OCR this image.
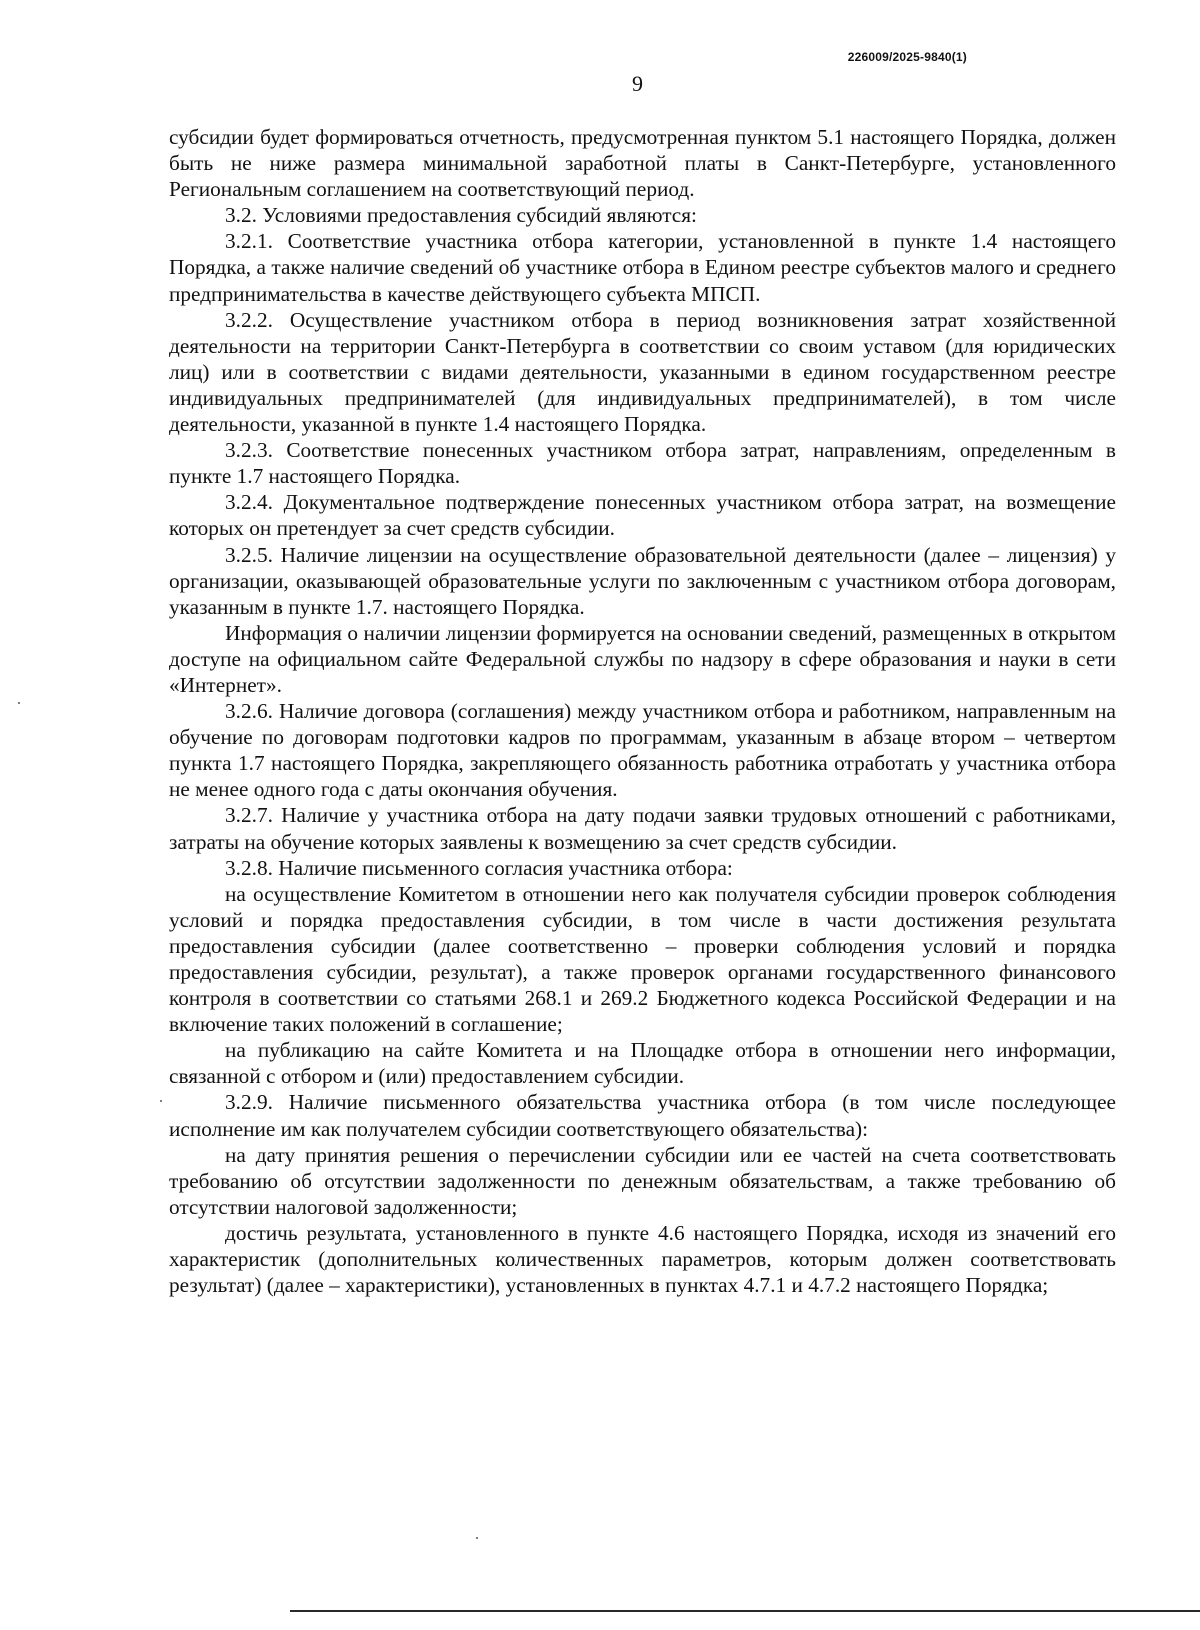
226009/2025-9840(1)
9

субсидии будет формироваться отчетность, предусмотренная пунктом 5.1 настоящего Порядка, должен быть не ниже размера минимальной заработной платы в Санкт-Петербурге, установленного Региональным соглашением на соответствующий период.

3.2. Условиями предоставления субсидий являются:

3.2.1. Соответствие участника отбора категории, установленной в пункте 1.4 настоящего Порядка, а также наличие сведений об участнике отбора в Едином реестре субъектов малого и среднего предпринимательства в качестве действующего субъекта МПСП.

3.2.2. Осуществление участником отбора в период возникновения затрат хозяйственной деятельности на территории Санкт-Петербурга в соответствии со своим уставом (для юридических лиц) или в соответствии с видами деятельности, указанными в едином государственном реестре индивидуальных предпринимателей (для индивидуальных предпринимателей), в том числе деятельности, указанной в пункте 1.4 настоящего Порядка.

3.2.3. Соответствие понесенных участником отбора затрат, направлениям, определенным в пункте 1.7 настоящего Порядка.

3.2.4. Документальное подтверждение понесенных участником отбора затрат, на возмещение которых он претендует за счет средств субсидии.

3.2.5. Наличие лицензии на осуществление образовательной деятельности (далее – лицензия) у организации, оказывающей образовательные услуги по заключенным с участником отбора договорам, указанным в пункте 1.7. настоящего Порядка.

Информация о наличии лицензии формируется на основании сведений, размещенных в открытом доступе на официальном сайте Федеральной службы по надзору в сфере образования и науки в сети «Интернет».

3.2.6. Наличие договора (соглашения) между участником отбора и работником, направленным на обучение по договорам подготовки кадров по программам, указанным в абзаце втором – четвертом пункта 1.7 настоящего Порядка, закрепляющего обязанность работника отработать у участника отбора не менее одного года с даты окончания обучения.

3.2.7. Наличие у участника отбора на дату подачи заявки трудовых отношений с работниками, затраты на обучение которых заявлены к возмещению за счет средств субсидии.

3.2.8. Наличие письменного согласия участника отбора:

на осуществление Комитетом в отношении него как получателя субсидии проверок соблюдения условий и порядка предоставления субсидии, в том числе в части достижения результата предоставления субсидии (далее соответственно – проверки соблюдения условий и порядка предоставления субсидии, результат), а также проверок органами государственного финансового контроля в соответствии со статьями 268.1 и 269.2 Бюджетного кодекса Российской Федерации и на включение таких положений в соглашение;

на публикацию на сайте Комитета и на Площадке отбора в отношении него информации, связанной с отбором и (или) предоставлением субсидии.

3.2.9. Наличие письменного обязательства участника отбора (в том числе последующее исполнение им как получателем субсидии соответствующего обязательства):

на дату принятия решения о перечислении субсидии или ее частей на счета соответствовать требованию об отсутствии задолженности по денежным обязательствам, а также требованию об отсутствии налоговой задолженности;

достичь результата, установленного в пункте 4.6 настоящего Порядка, исходя из значений его характеристик (дополнительных количественных параметров, которым должен соответствовать результат) (далее – характеристики), установленных в пунктах 4.7.1 и 4.7.2 настоящего Порядка;
